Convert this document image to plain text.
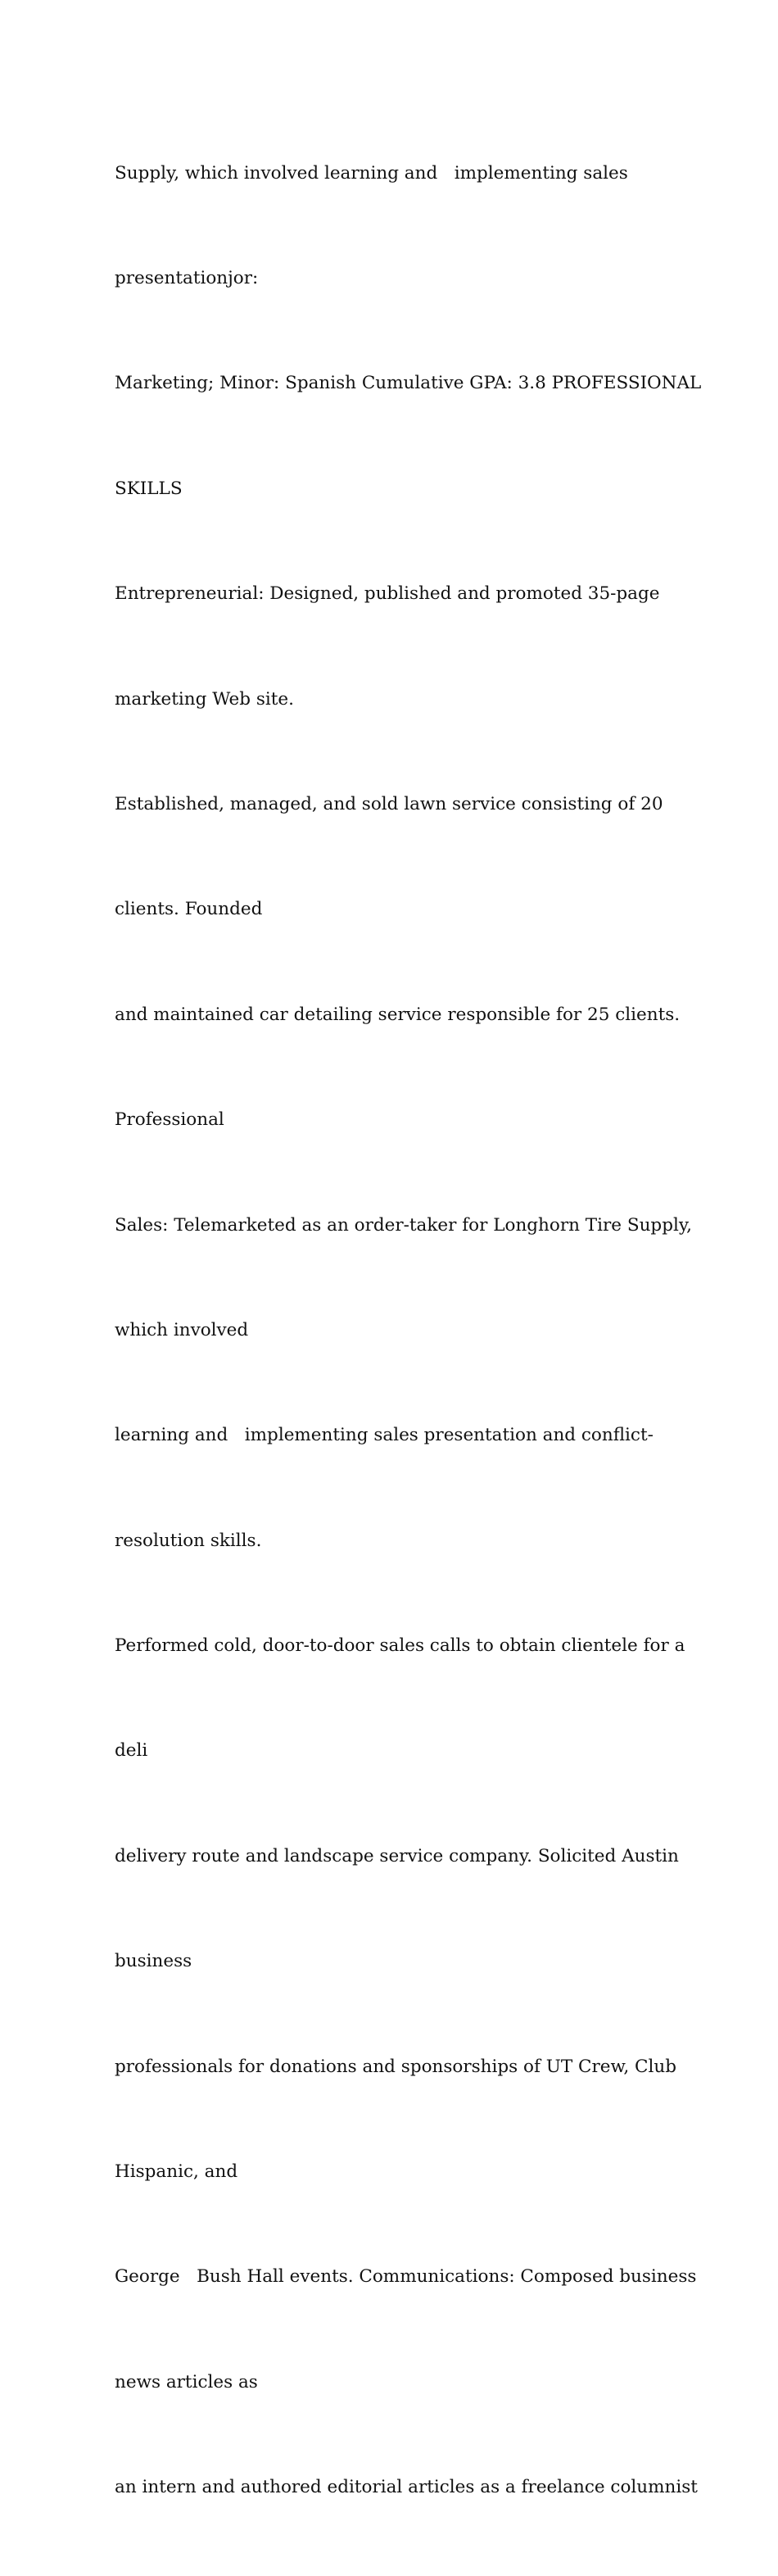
Supply, which involved learning and   implementing sales

presentationjor:

Marketing; Minor: Spanish Cumulative GPA: 3.8 PROFESSIONAL

SKILLS

Entrepreneurial: Designed, published and promoted 35-page

marketing Web site.

Established, managed, and sold lawn service consisting of 20

clients. Founded

and maintained car detailing service responsible for 25 clients.

Professional

Sales: Telemarketed as an order-taker for Longhorn Tire Supply,

which involved

learning and   implementing sales presentation and conflict-

resolution skills.

Performed cold, door-to-door sales calls to obtain clientele for a

deli

delivery route and landscape service company. Solicited Austin

business

professionals for donations and sponsorships of UT Crew, Club

Hispanic, and

George   Bush Hall events. Communications: Composed business

news articles as

an intern and authored editorial articles as a freelance columnist
